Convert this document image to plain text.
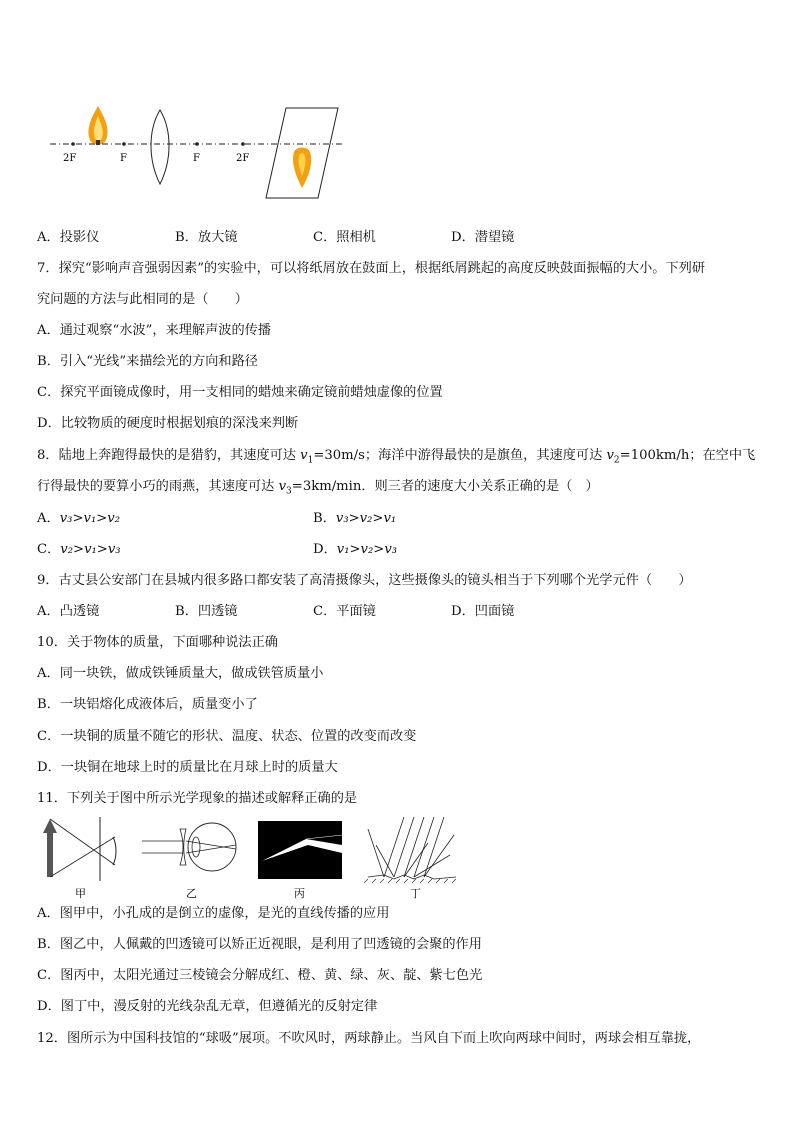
2F	F	F	2F
A．投影仪	B．放大镜	C．照相机	D．潜望镜
7．探究“影响声音强弱因素”的实验中，可以将纸屑放在鼓面上，根据纸屑跳起的高度反映鼓面振幅的大小。下列研
究问题的方法与此相同的是（　　）
A．通过观察“水波”，来理解声波的传播
B．引入“光线”来描绘光的方向和路径
C．探究平面镜成像时，用一支相同的蜡烛来确定镜前蜡烛虚像的位置
D．比较物质的硬度时根据划痕的深浅来判断
8．陆地上奔跑得最快的是猎豹，其速度可达 $v_1=30m/s$；海洋中游得最快的是旗鱼，其速度可达 $v_2=100km/h$；在空中飞
行得最快的要算小巧的雨燕，其速度可达 $v_3=3km/\min$．则三者的速度大小关系正确的是（　）
A．v₃>v₁>v₂	B．v₃>v₂>v₁
C．v₂>v₁>v₃	D．v₁>v₂>v₃
9．古丈县公安部门在县城内很多路口都安装了高清摄像头，这些摄像头的镜头相当于下列哪个光学元件（　　）
A．凸透镜	B．凹透镜	C．平面镜	D．凹面镜
10．关于物体的质量，下面哪种说法正确
A．同一块铁，做成铁锤质量大，做成铁管质量小
B．一块铝熔化成液体后，质量变小了
C．一块铜的质量不随它的形状、温度、状态、位置的改变而改变
D．一块铜在地球上时的质量比在月球上时的质量大
11．下列关于图中所示光学现象的描述或解释正确的是
甲	乙	丙	丁
A．图甲中，小孔成的是倒立的虚像，是光的直线传播的应用
B．图乙中，人佩戴的凹透镜可以矫正近视眼，是利用了凹透镜的会聚的作用
C．图丙中，太阳光通过三棱镜会分解成红、橙、黄、绿、灰、靛、紫七色光
D．图丁中，漫反射的光线杂乱无章，但遵循光的反射定律
12．图所示为中国科技馆的“球吸”展项。不吹风时，两球静止。当风自下而上吹向两球中间时，两球会相互靠拢，
